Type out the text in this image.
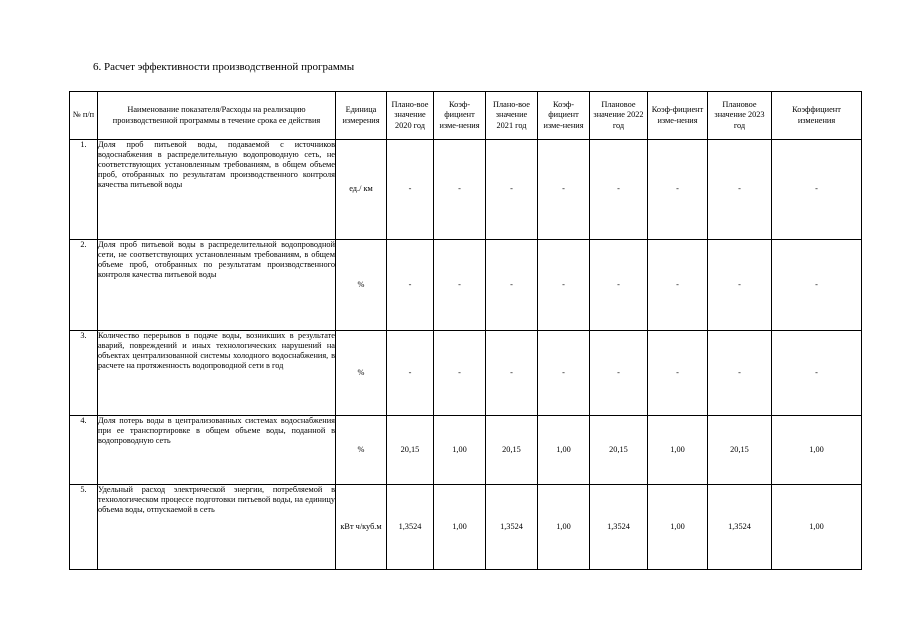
6. Расчет эффективности производственной программы
№ п/п	Наименование показателя/Расходы на реализацию производственной программы в течение срока ее действия	Единица измерения	Плано-вое значение 2020 год	Коэф-фициент изме-нения	Плано-вое значение 2021 год	Коэф-фициент изме-нения	Плановое значение 2022 год	Коэф-фициент изме-нения	Плановое значение 2023 год	Коэффициент изменения
1.	Доля проб питьевой воды, подаваемой с источников водоснабжения в распределительную водопроводную сеть, не соответствующих установленным требованиям, в общем объеме проб, отобранных по результатам производственного контроля качества питьевой воды	ед./ км	-	-	-	-	-	-	-	-
2.	Доля проб питьевой воды в распределительной водопроводной сети, не соответствующих установленным требованиям, в общем объеме проб, отобранных по результатам производственного контроля качества питьевой воды	%	-	-	-	-	-	-	-	-
3.	Количество перерывов в подаче воды, возникших в результате аварий, повреждений и иных технологических нарушений на объектах централизованной системы холодного водоснабжения, в расчете на протяженность водопроводной сети в год	%	-	-	-	-	-	-	-	-
4.	Доля потерь воды в централизованных системах водоснабжения при ее транспортировке в общем объеме воды, поданной в водопроводную сеть	%	20,15	1,00	20,15	1,00	20,15	1,00	20,15	1,00
5.	Удельный расход электрической энергии, потребляемой в технологическом процессе подготовки питьевой воды, на единицу объема воды, отпускаемой в сеть	кВт ч/куб.м	1,3524	1,00	1,3524	1,00	1,3524	1,00	1,3524	1,00
